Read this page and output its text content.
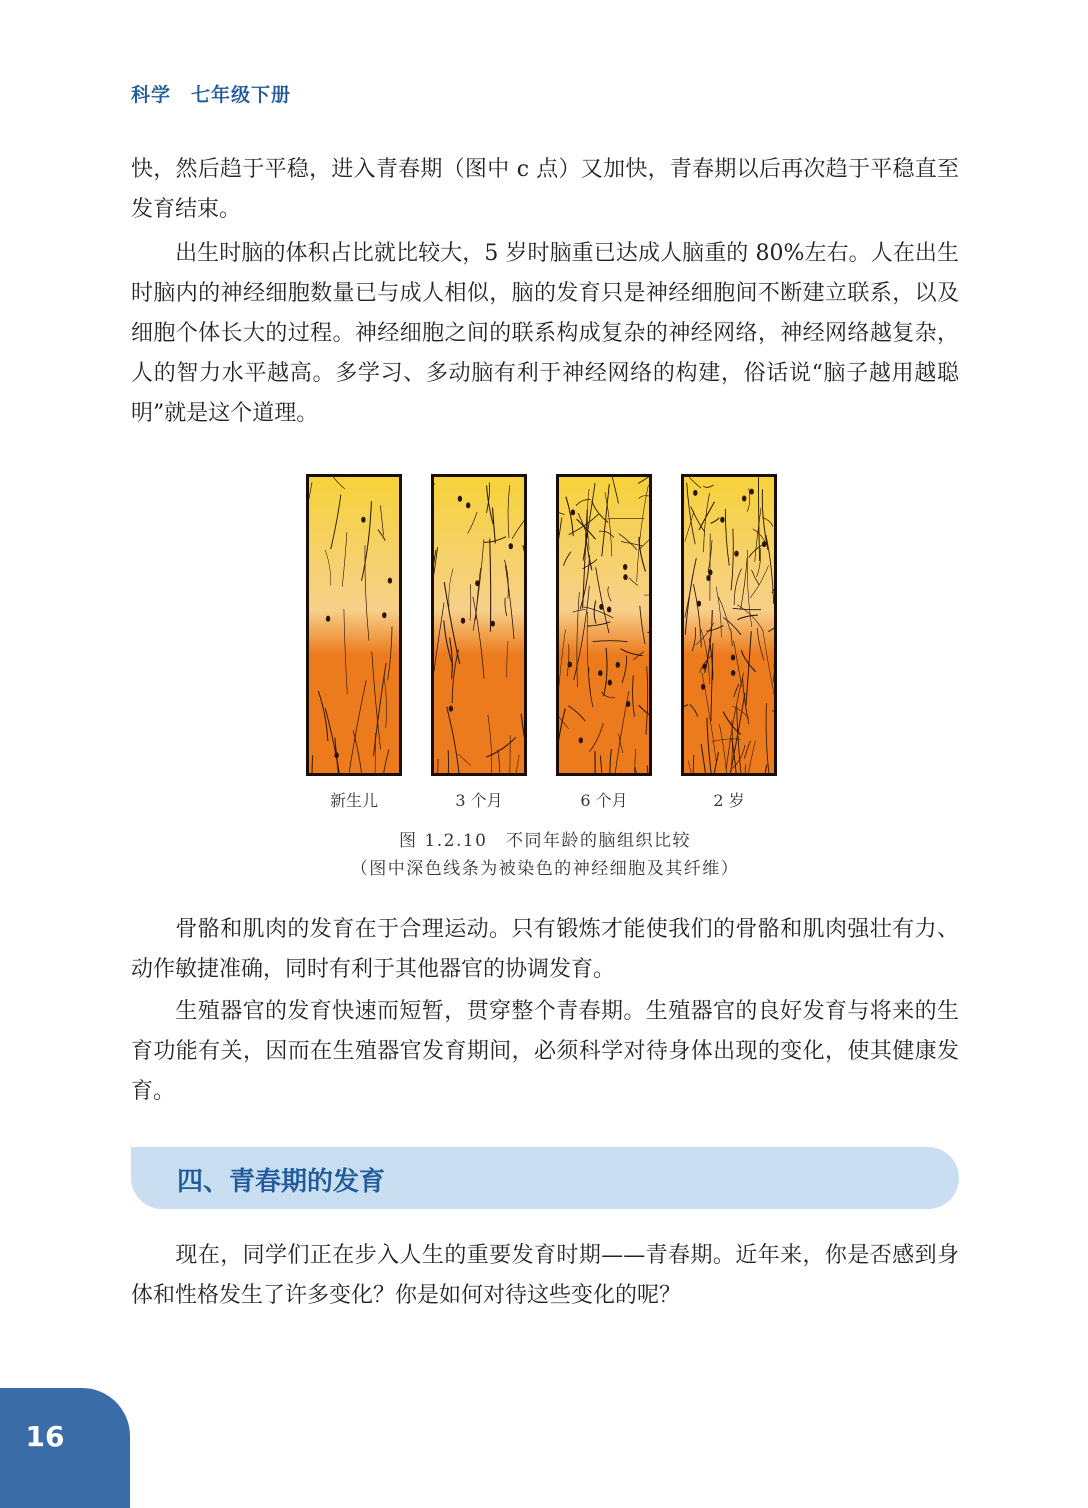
科学　 七年级下册

快，然后趋于平稳，进入青春期（图中 c 点）又加快，青春期以后再次趋于平稳直至发育结束。

出生时脑的体积占比就比较大，5 岁时脑重已达成人脑重的 80%左右。人在出生时脑内的神经细胞数量已与成人相似，脑的发育只是神经细胞间不断建立联系，以及细胞个体长大的过程。神经细胞之间的联系构成复杂的神经网络，神经网络越复杂，人的智力水平越高。多学习、多动脑有利于神经网络的构建，俗话说“脑子越用越聪明”就是这个道理。

新生儿	3 个月	6 个月	2 岁
图 1.2.10　不同年龄的脑组织比较
（图中深色线条为被染色的神经细胞及其纤维）

骨骼和肌肉的发育在于合理运动。只有锻炼才能使我们的骨骼和肌肉强壮有力、动作敏捷准确，同时有利于其他器官的协调发育。

生殖器官的发育快速而短暂，贯穿整个青春期。生殖器官的良好发育与将来的生育功能有关，因而在生殖器官发育期间，必须科学对待身体出现的变化，使其健康发育。

四、青春期的发育

现在，同学们正在步入人生的重要发育时期——青春期。近年来，你是否感到身体和性格发生了许多变化？你是如何对待这些变化的呢？

16
